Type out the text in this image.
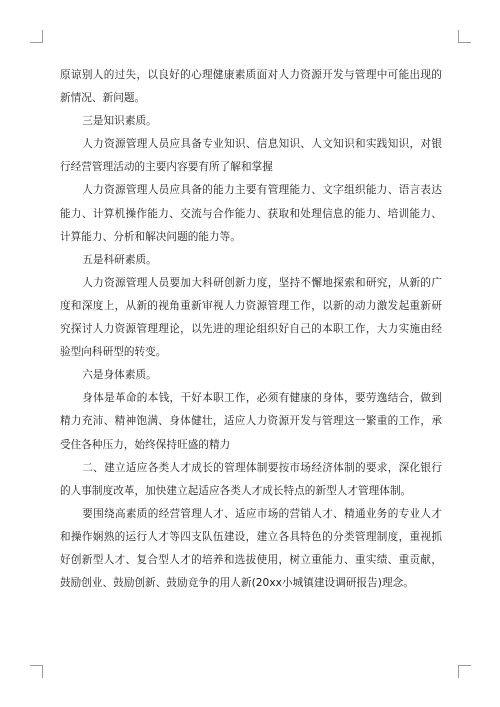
原谅别人的过失，以良好的心理健康素质面对人力资源开发与管理中可能出现的新情况、新问题。

三是知识素质。

人力资源管理人员应具备专业知识、信息知识、人文知识和实践知识，对银行经营管理活动的主要内容要有所了解和掌握

人力资源管理人员应具备的能力主要有管理能力、文字组织能力、语言表达能力、计算机操作能力、交流与合作能力、获取和处理信息的能力、培训能力、计算能力、分析和解决问题的能力等。

五是科研素质。

人力资源管理人员要加大科研创新力度，坚持不懈地探索和研究，从新的广度和深度上，从新的视角重新审视人力资源管理工作，以新的动力激发起重新研究探讨人力资源管理理论，以先进的理论组织好自己的本职工作，大力实施由经验型向科研型的转变。

六是身体素质。

身体是革命的本钱，干好本职工作，必须有健康的身体，要劳逸结合，做到精力充沛、精神饱满、身体健壮，适应人力资源开发与管理这一繁重的工作，承受住各种压力，始终保持旺盛的精力

二、建立适应各类人才成长的管理体制要按市场经济体制的要求，深化银行的人事制度改革，加快建立起适应各类人才成长特点的新型人才管理体制。

要围绕高素质的经营管理人才、适应市场的营销人才、精通业务的专业人才和操作娴熟的运行人才等四支队伍建设，建立各具特色的分类管理制度，重视抓好创新型人才、复合型人才的培养和选拔使用，树立重能力、重实绩、重贡献，鼓励创业、鼓励创新、鼓励竞争的用人新(20xx小城镇建设调研报告)理念。
